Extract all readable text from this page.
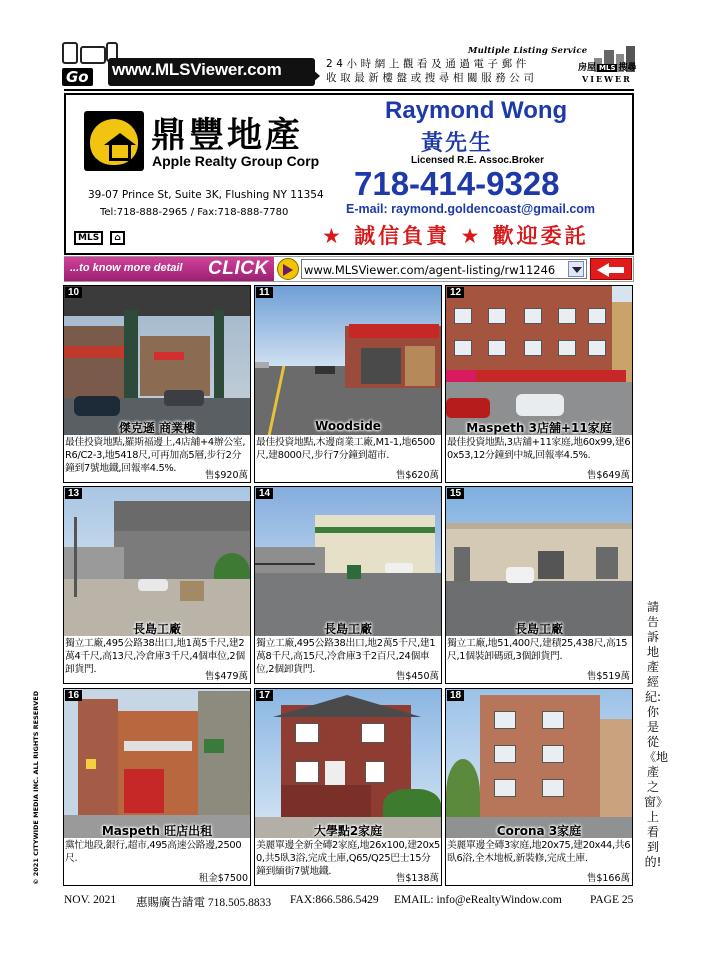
Go www.MLSViewer.com
Multiple Listing Service
24小時網上觀看及通過電子郵件
收取最新樓盤或搜尋相關服務公司
房屋 MLS 搜尋
VIEWER
鼎豐地產
Apple Realty Group Corp
39-07 Prince St, Suite 3K, Flushing NY 11354
Tel:718-888-2965 / Fax:718-888-7780
MLS ⌂
Raymond Wong
黃先生
Licensed R.E. Assoc.Broker
718-414-9328
E-mail: raymond.goldencoast@gmail.com
★ 誠信負責 ★ 歡迎委託
...to know more detail CLICK	www.MLSViewer.com/agent-listing/rw11246
10
傑克遜 商業樓
最佳投資地點,羅斯福邊上,4店舖+4辦公室,R6/C2-3,地5418尺,可再加高5層,步行2分鐘到7號地鐵,回報率4.5%.
售$920萬
11
Woodside
最佳投資地點,木邊商業工廠,M1-1,地6500尺,建8000尺,步行7分鐘到超市.
售$620萬
12
Maspeth 3店舖+11家庭
最佳投資地點,3店舖+11家庭,地60x99,建60x53,12分鐘到中城,回報率4.5%.
售$649萬
13
長島工廠
獨立工廠,495公路38出口,地1萬5千尺,建2萬4千尺,高13尺,冷倉庫3千尺,4個車位,2個卸貨門.
售$479萬
14
長島工廠
獨立工廠,495公路38出口,地2萬5千尺,建1萬8千尺,高15尺,冷倉庫3千2百尺,24個車位,2個卸貨門.
售$450萬
15
長島工廠
獨立工廠,地51,400尺,建積25,438尺,高15尺,1個裝卸碼頭,3個卸貨門.
售$519萬
16
Maspeth 旺店出租
黨忙地段,銀行,超市,495高速公路邊,2500尺.
租金$7500
17
大學點2家庭
美麗單邊全新全磚2家庭,地26x100,建20x50,共5臥3浴,完成土庫,Q65/Q25巴士15分鐘到緬街7號地鐵.
售$138萬
18
Corona 3家庭
美麗單邊全磚3家庭,地20x75,建20x44,共6臥6浴,全木地板,新裝修,完成土庫.
售$166萬
© 2021 CITYWIDE MEDIA INC. ALL RIGHTS RESERVED
請告訴地產經紀:你是從《地產之窗》上看到的!
NOV. 2021 惠賜廣告請電 718.505.8833 FAX:866.586.5429 EMAIL: info@eRealtyWindow.com PAGE 25
